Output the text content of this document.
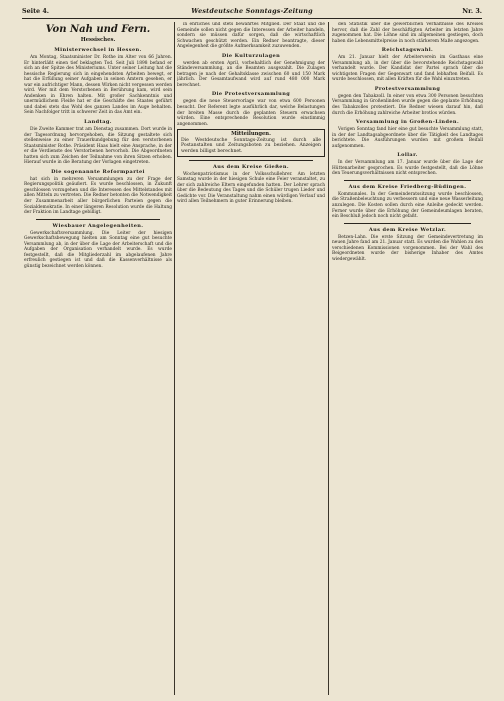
Seite 4.	Westdeutsche Sonntags-Zeitung	Nr. 3.
Von Nah und Fern.
Hessisches.
Ministerwechsel in Hessen.

Am Montag, Staatsminister Dr. Rothe im Alter von 66 Jahren. Er hinterläßt einen tief beklagten Tod. Seit Juli 1898 befand er sich an der Spitze des Ministeriums. Unter seiner Leitung hat die hessische Regierung sich in eingehendsten Arbeiten bewegt, er hat die Erfüllung seiner Aufgaben in seinen Ämtern gesehen, er war ein aufrichtiger Mann, dessen Wirken nicht vergessen werden wird. Wer mit dem Verstorbenen in Berührung kam, wird sein Andenken in Ehren halten. Mit großer Sachkenntnis und unermüdlichem Fleiße hat er die Geschäfte des Staates geführt und dabei stets das Wohl des ganzen Landes im Auge behalten. Sein Nachfolger tritt in schwerer Zeit in das Amt ein.

Landtag.

Die Zweite Kammer trat am Dienstag zusammen. Dort wurde in der Tagesordnung hervorgehoben, die Sitzung gestaltete sich stellenweise zu einer Trauerkundgebung für den verstorbenen Staatsminister Rothe. Präsident Haas hielt eine Ansprache, in der er die Verdienste des Verstorbenen hervorhob. Die Abgeordneten hatten sich zum Zeichen der Teilnahme von ihren Sitzen erhoben. Hierauf wurde in die Beratung der Vorlagen eingetreten.

Die sogenannte Reformpartei

hat sich in mehreren Versammlungen zu der Frage der Regierungspolitik geäußert. Es wurde beschlossen, in Zukunft geschlossen vorzugehen und die Interessen des Mittelstandes mit allen Mitteln zu vertreten. Die Redner betonten die Notwendigkeit der Zusammenarbeit aller bürgerlichen Parteien gegen die Sozialdemokratie. In einer längeren Resolution wurde die Haltung der Fraktion im Landtage gebilligt.

Wiesbauer Angelegenheiten.

Gewerkschaftsversammlung. Die Leiter der hiesigen Gewerkschaftsbewegung hielten am Sonntag eine gut besuchte Versammlung ab, in der über die Lage der Arbeiterschaft und die Aufgaben der Organisation verhandelt wurde. Es wurde festgestellt, daß die Mitgliederzahl im abgelaufenen Jahre erfreulich gestiegen ist und daß die Kassenverhältnisse als günstig bezeichnet werden können.

in ehrliches und stets bewährtes Mitglied. Der Staat und die Gemeinde sollen nicht gegen die Interessen der Arbeiter handeln, sondern sie müssen dafür sorgen, daß die wirtschaftlich Schwachen geschützt werden. Ein Redner beantragte, dieser Angelegenheit die größte Aufmerksamkeit zuzuwenden.

Die Kulturzulagen

werden ab ersten April, vorbehaltlich der Genehmigung der Ständeversammlung, an die Beamten ausgezahlt. Die Zulagen betragen je nach der Gehaltsklasse zwischen 60 und 150 Mark jährlich. Der Gesamtaufwand wird auf rund 480 000 Mark berechnet.

Die Protestversammlung

gegen die neue Steuervorlage war von etwa 600 Personen besucht. Der Referent legte ausführlich dar, welche Belastungen der breiten Masse durch die geplanten Steuern erwachsen würden. Eine entsprechende Resolution wurde einstimmig angenommen.

Mitteilungen.
Die Westdeutsche Sonntags-Zeitung ist durch alle Postanstalten und Zeitungsboten zu beziehen. Anzeigen werden billigst berechnet.
Aus dem Kreise Gießen.

Wochenpatriotismus in der Volksschullehrer. Am letzten Samstag wurde in der hiesigen Schule eine Feier veranstaltet, zu der sich zahlreiche Eltern eingefunden hatten. Der Lehrer sprach über die Bedeutung des Tages und die Schüler trugen Lieder und Gedichte vor. Die Veranstaltung nahm einen würdigen Verlauf und wird allen Teilnehmern in guter Erinnerung bleiben.

den Statistik über die gewerblichen Verhältnisse des Kreises hervor, daß die Zahl der beschäftigten Arbeiter im letzten Jahre zugenommen hat. Die Löhne sind im allgemeinen gestiegen, doch haben die Lebensmittelpreise in noch stärkerem Maße angezogen.

Reichstagswahl.

Am 21. Januar hielt der Arbeiterverein im Gasthaus eine Versammlung ab, in der über die bevorstehende Reichstagswahl verhandelt wurde. Der Kandidat der Partei sprach über die wichtigsten Fragen der Gegenwart und fand lebhaften Beifall. Es wurde beschlossen, mit allen Kräften für die Wahl einzutreten.

Protestversammlung

gegen den Tabakzoll. In einer von etwa 300 Personen besuchten Versammlung in Großenlinden wurde gegen die geplante Erhöhung des Tabakzolles protestiert. Die Redner wiesen darauf hin, daß durch die Erhöhung zahlreiche Arbeiter brotlos würden.

Versammlung in Großen-Linden.

Vorigen Sonntag fand hier eine gut besuchte Versammlung statt, in der der Landtagsabgeordnete über die Tätigkeit des Landtages berichtete. Die Ausführungen wurden mit großem Beifall aufgenommen.

Lollar.

In der Versammlung am 17. Januar wurde über die Lage der Hüttenarbeiter gesprochen. Es wurde festgestellt, daß die Löhne den Teuerungsverhältnissen nicht entsprechen.

Aus dem Kreise Friedberg-Büdingen.

Kommunales. In der Gemeinderatssitzung wurde beschlossen, die Straßenbeleuchtung zu verbessern und eine neue Wasserleitung anzulegen. Die Kosten sollen durch eine Anleihe gedeckt werden. Ferner wurde über die Erhöhung der Gemeindeumlagen beraten, ein Beschluß jedoch noch nicht gefaßt.

Aus dem Kreise Wetzlar.

Betzen-Lahn. Die erste Sitzung der Gemeindevertretung im neuen Jahre fand am 21. Januar statt. Es wurden die Wahlen zu den verschiedenen Kommissionen vorgenommen. Bei der Wahl des Beigeordneten wurde der bisherige Inhaber des Amtes wiedergewählt.
